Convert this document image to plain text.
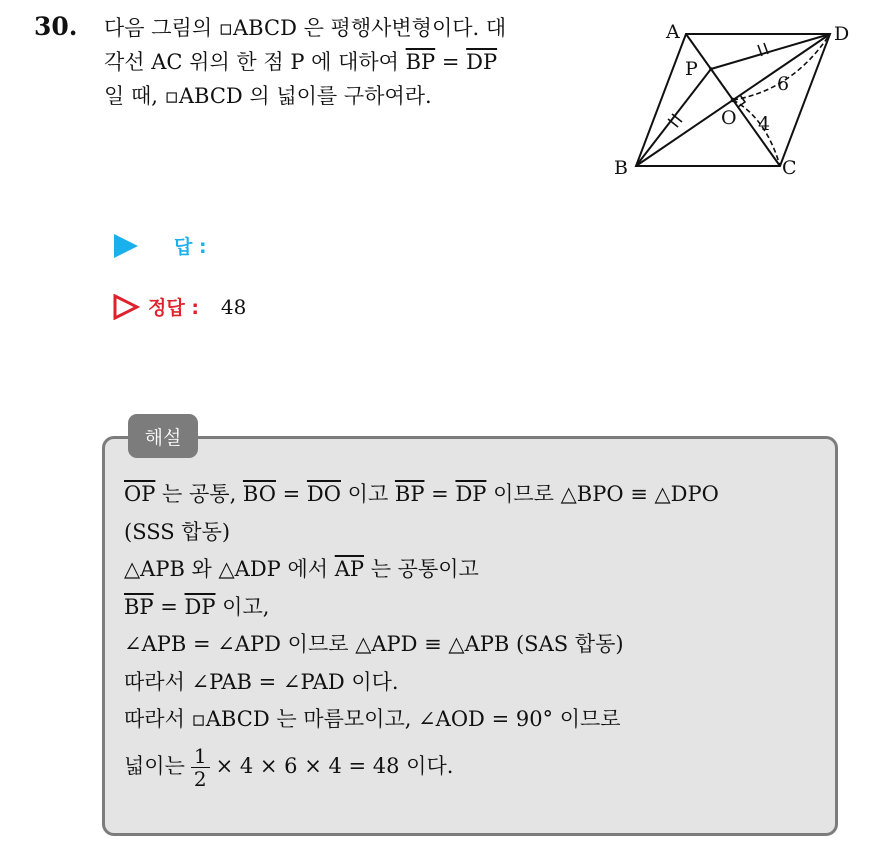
30. 다음 그림의 ▫ABCD 은 평행사변형이다. 대
각선 AC 위의 한 점 P 에 대하여 $\overline{BP} = \overline{DP}$
일 때, ▫ABCD 의 넓이를 구하여라.
A	D
P
O
B	C
6
4
답 :
정답 : 48
해설
$\overline{OP}$ 는 공통, $\overline{BO} = \overline{DO}$ 이고 $\overline{BP} = \overline{DP}$ 이므로 △BPO ≡ △DPO
(SSS 합동)
△APB 와 △ADP 에서 $\overline{AP}$ 는 공통이고
$\overline{BP} = \overline{DP}$ 이고,
∠APB = ∠APD 이므로 △APD ≡ △APB (SAS 합동)
따라서 ∠PAB = ∠PAD 이다.
따라서 ▫ABCD 는 마름모이고, ∠AOD = 90° 이므로
넓이는 $\frac{1}{2} \times 4 \times 6 \times 4 = 48$ 이다.
